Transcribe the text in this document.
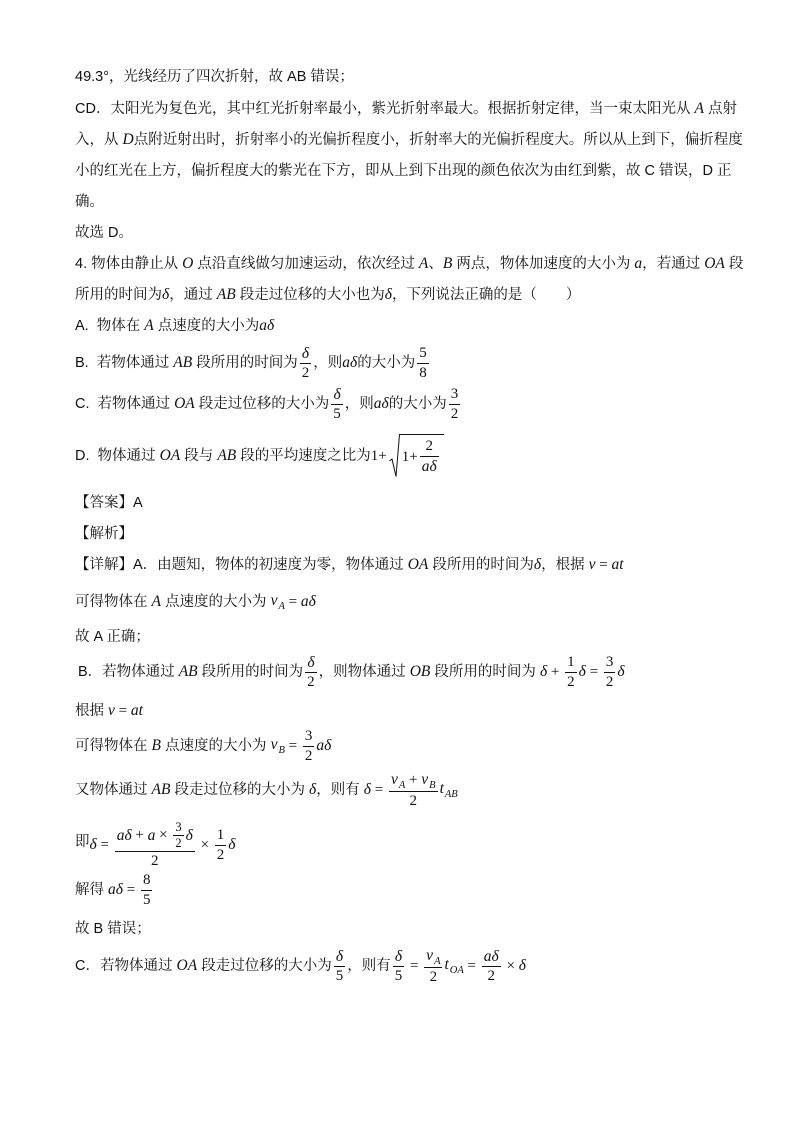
49.3°，光线经历了四次折射，故 AB 错误；
CD．太阳光为复色光，其中红光折射率最小，紫光折射率最大。根据折射定律，当一束太阳光从 A 点射
入，从 D 点附近射出时，折射率小的光偏折程度小，折射率大的光偏折程度大。所以从上到下，偏折程度
小的红光在上方，偏折程度大的紫光在下方，即从上到下出现的颜色依次为由红到紫，故 C 错误，D 正
确。
故选 D。
4. 物体由静止从 O 点沿直线做匀加速运动，依次经过 A 、 B 两点，物体加速度的大小为 a ，若通过 OA 段
所用的时间为 δ ，通过 AB 段走过位移的大小也为 δ ，下列说法正确的是（　　）
A.  物体在 A 点速度的大小为 aδ
B.  若物体通过 AB 段所用的时间为 $\frac{\delta}{2}$ ，则 aδ 的大小为 $\frac{5}{8}$
C.  若物体通过 OA 段走过位移的大小为 $\frac{\delta}{5}$ ，则 aδ 的大小为 $\frac{3}{2}$
D.  物体通过 OA 段与 AB 段的平均速度之比为 $1+ 1+ \frac{2}{a\delta}$
【答案】A
【解析】
【详解】A．由题知，物体的初速度为零，物体通过 OA 段所用的时间为 δ ，根据 v = at
可得物体在 A 点速度的大小为 v A = aδ
故 A 正确；
B．若物体通过 AB 段所用的时间为 $\frac{\delta}{2}$ ，则物体通过 OB 段所用的时间为 $\delta + \frac{1}{2}$ $\delta = \frac{3}{2}$ δ
根据 v = at
可得物体在 B 点速度的大小为 v $B = \frac{3}{2}$ aδ
又物体通过 AB 段走过位移的大小为 δ ，则有 δ =
v A + v B
2
t AB
即 δ =
$a\delta + a \times \frac{3}{2}$ δ
2
× $\frac{1}{2}$ δ
解得 $a\delta = \frac{8}{5}$
故 B 错误；
C．若物体通过 OA 段走过位移的大小为 $\frac{\delta}{5}$ ，则有 $\frac{\delta}{5} = \frac{\text{v A}}{2}$ t OA = $\frac{a\delta}{2} \times \delta$
